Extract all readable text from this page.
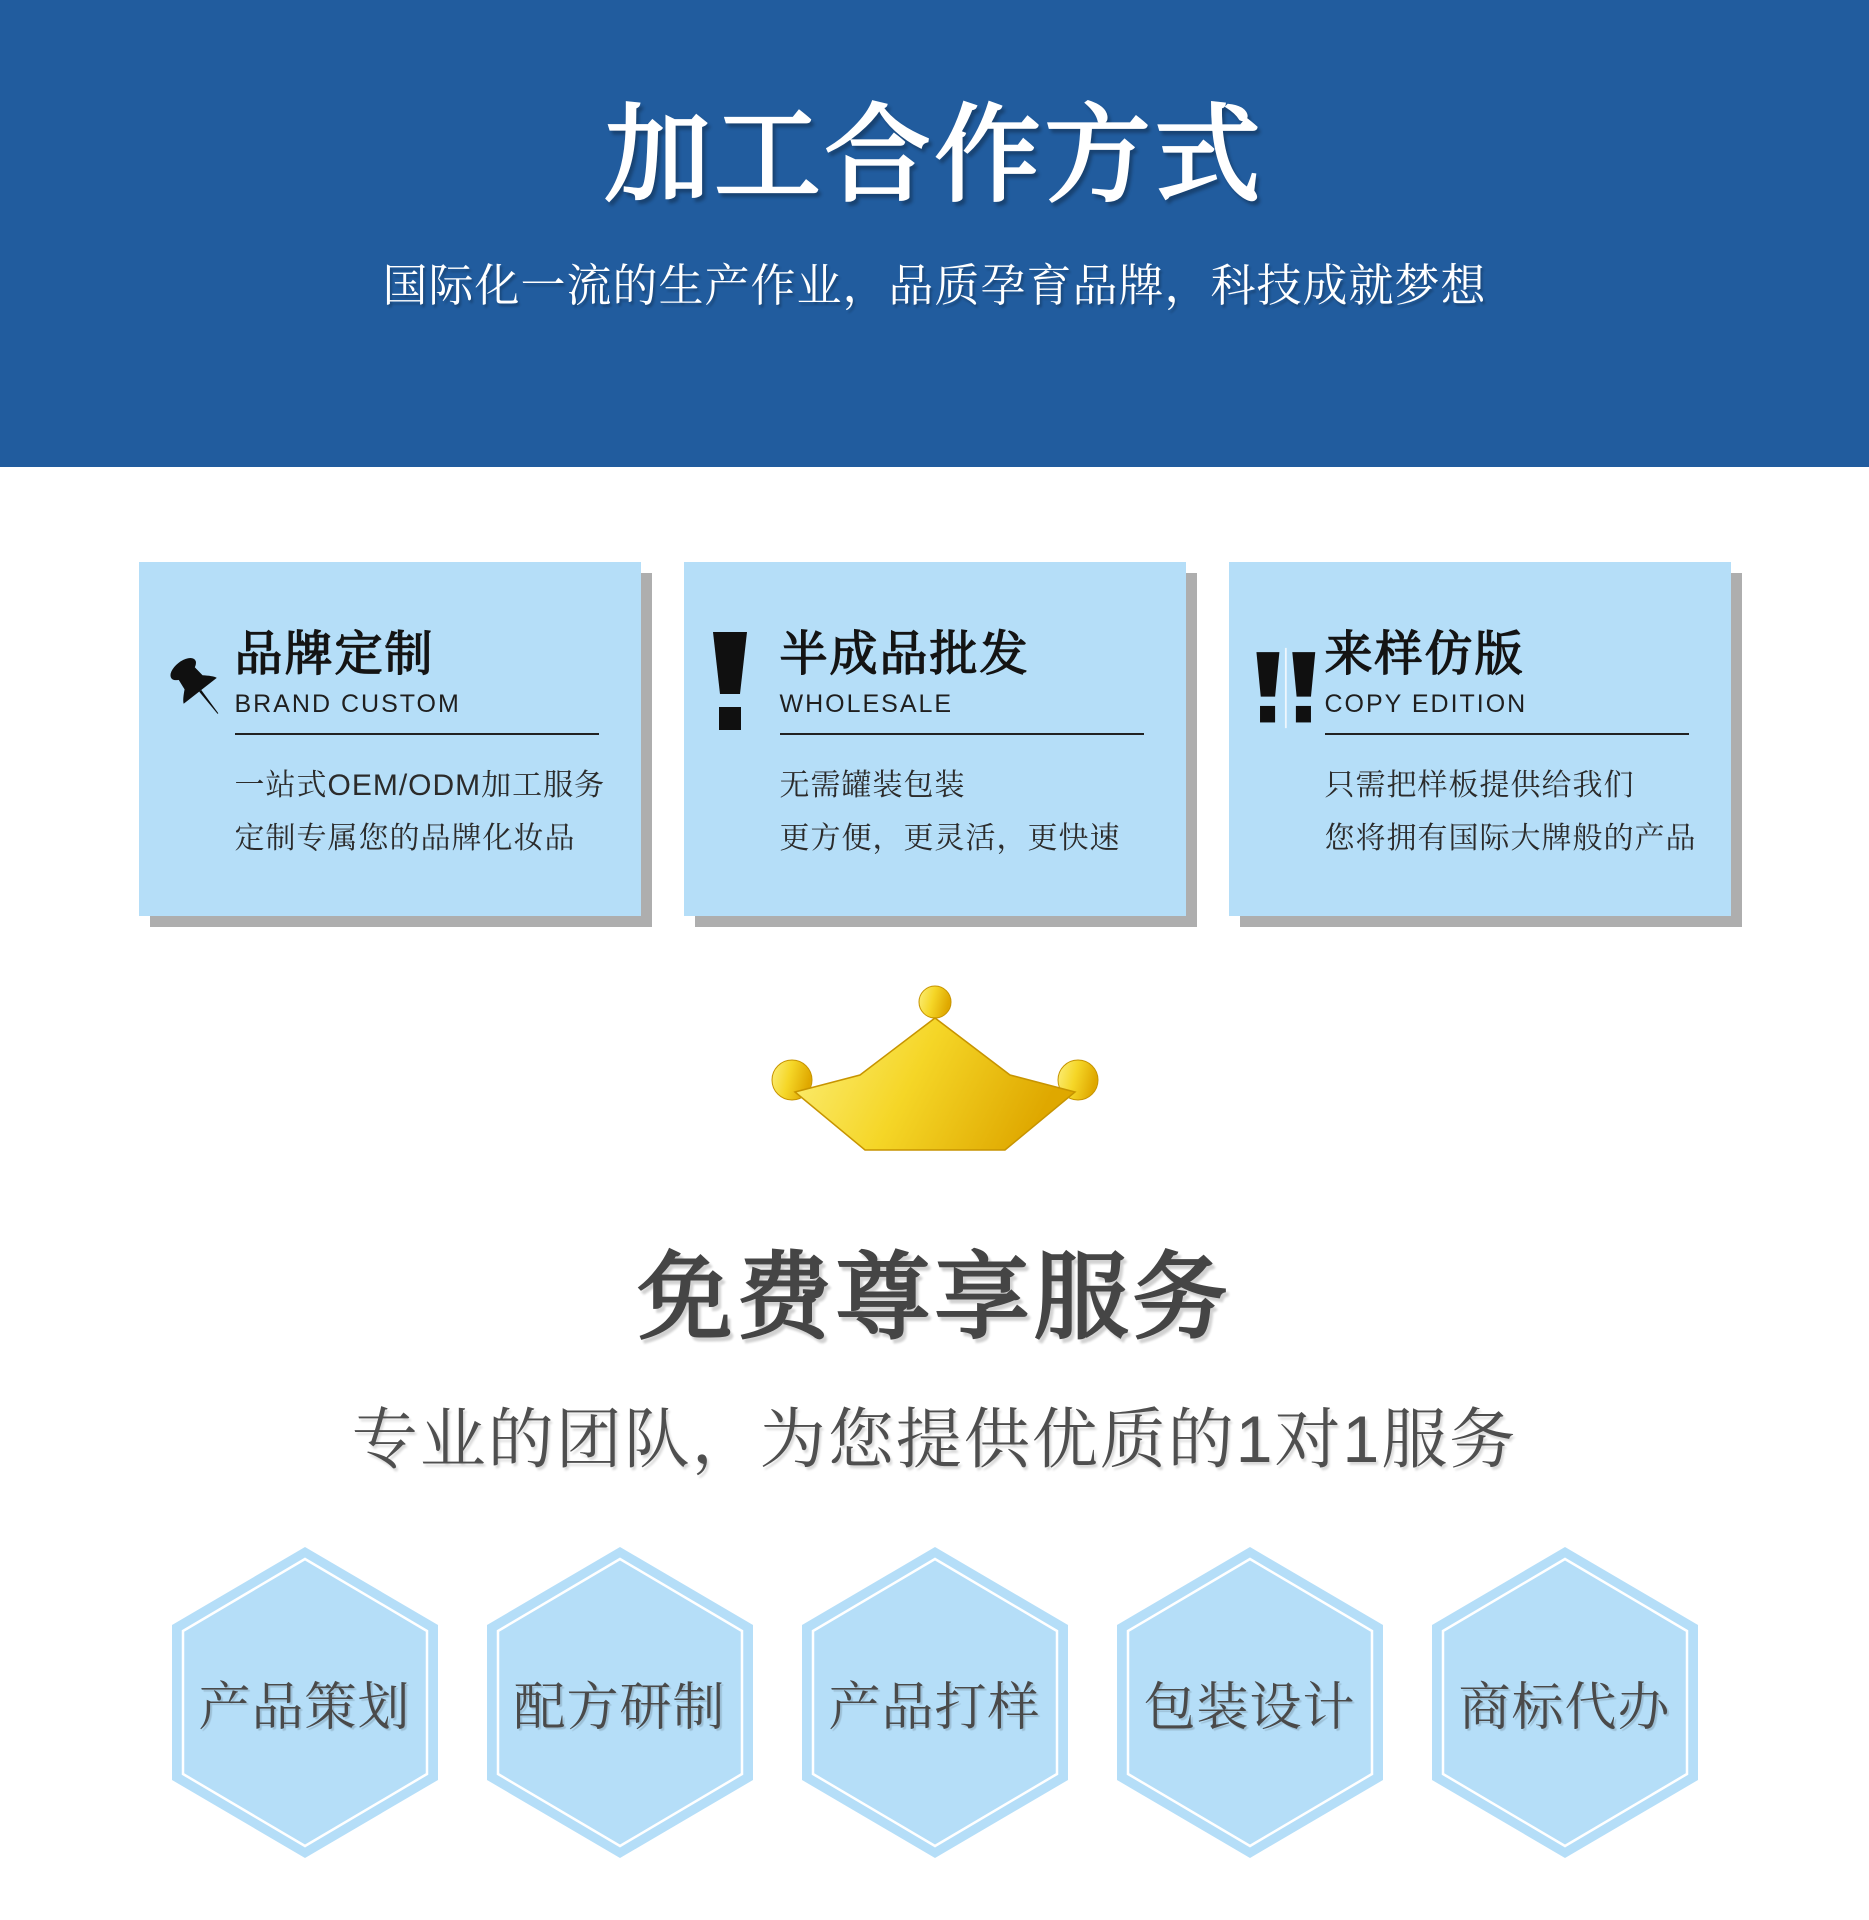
加工合作方式
国际化一流的生产作业，品质孕育品牌，科技成就梦想
品牌定制
BRAND CUSTOM
一站式OEM/ODM加工服务
定制专属您的品牌化妆品
半成品批发
WHOLESALE
无需罐装包装
更方便，更灵活，更快速
来样仿版
COPY EDITION
只需把样板提供给我们
您将拥有国际大牌般的产品
免费尊享服务
专业的团队，为您提供优质的1对1服务
产品策划	配方研制	产品打样	包装设计	商标代办
